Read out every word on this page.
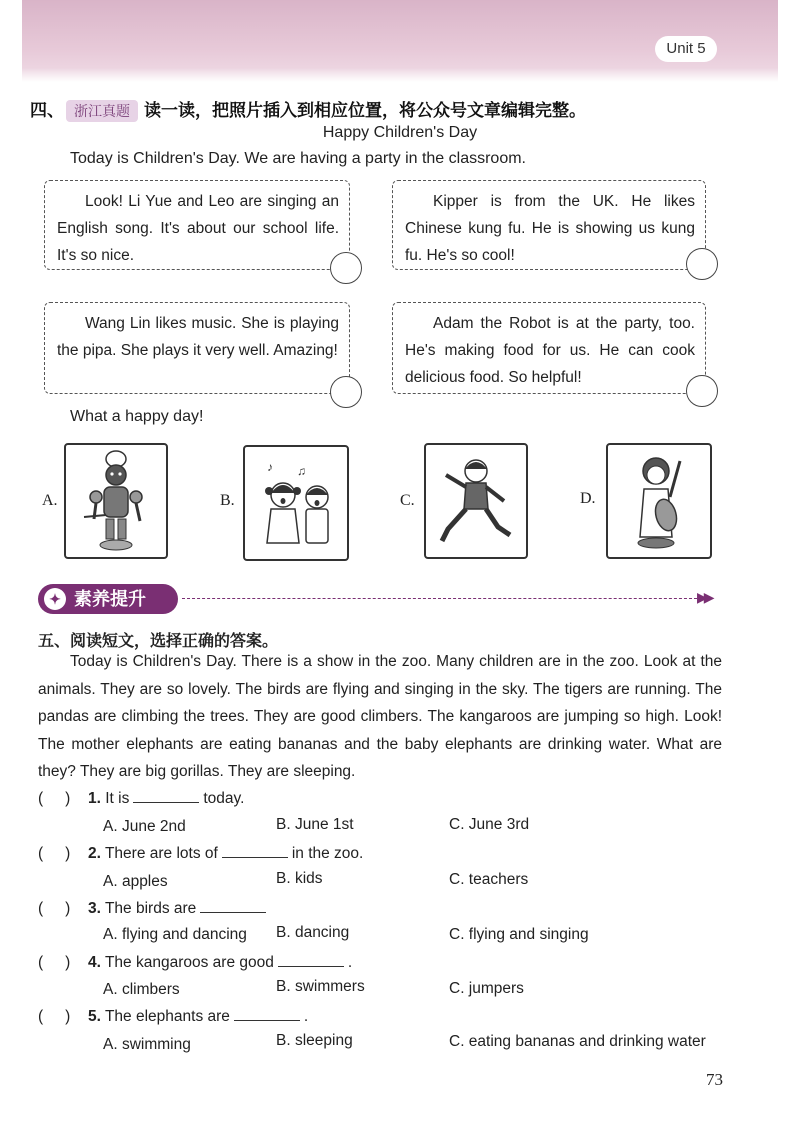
Unit 5
四、 浙江真题 读一读，把照片插入到相应位置，将公众号文章编辑完整。
Happy Children's Day
Today is Children's Day. We are having a party in the classroom.

Look! Li Yue and Leo are singing an English song. It's about our school life. It's so nice.

Kipper is from the UK. He likes Chinese kung fu. He is showing us kung fu. He's so cool!

Wang Lin likes music. She is playing the pipa. She plays it very well. Amazing!

Adam the Robot is at the party, too. He's making food for us. He can cook delicious food. So helpful!

What a happy day!
A.	B.
♪ ♫
C.	D.
✦ 素养提升	▶▶
五、阅读短文，选择正确的答案。

Today is Children's Day. There is a show in the zoo. Many children are in the zoo. Look at the animals. They are so lovely. The birds are flying and singing in the sky. The tigers are running. The pandas are climbing the trees. They are good climbers. The kangaroos are jumping so high. Look! The mother elephants are eating bananas and the baby elephants are drinking water. What are they? They are big gorillas. They are sleeping.

( ) 1. It is	today.
A. June 2nd	B. June 1st	C. June 3rd
( ) 2. There are lots of	in the zoo.
A. apples	B. kids	C. teachers
( ) 3. The birds are
A. flying and dancing B. dancing	C. flying and singing
( ) 4. The kangaroos are good	.
A. climbers	B. swimmers	C. jumpers
( ) 5. The elephants are	.
A. swimming	B. sleeping	C. eating bananas and drinking water
73
